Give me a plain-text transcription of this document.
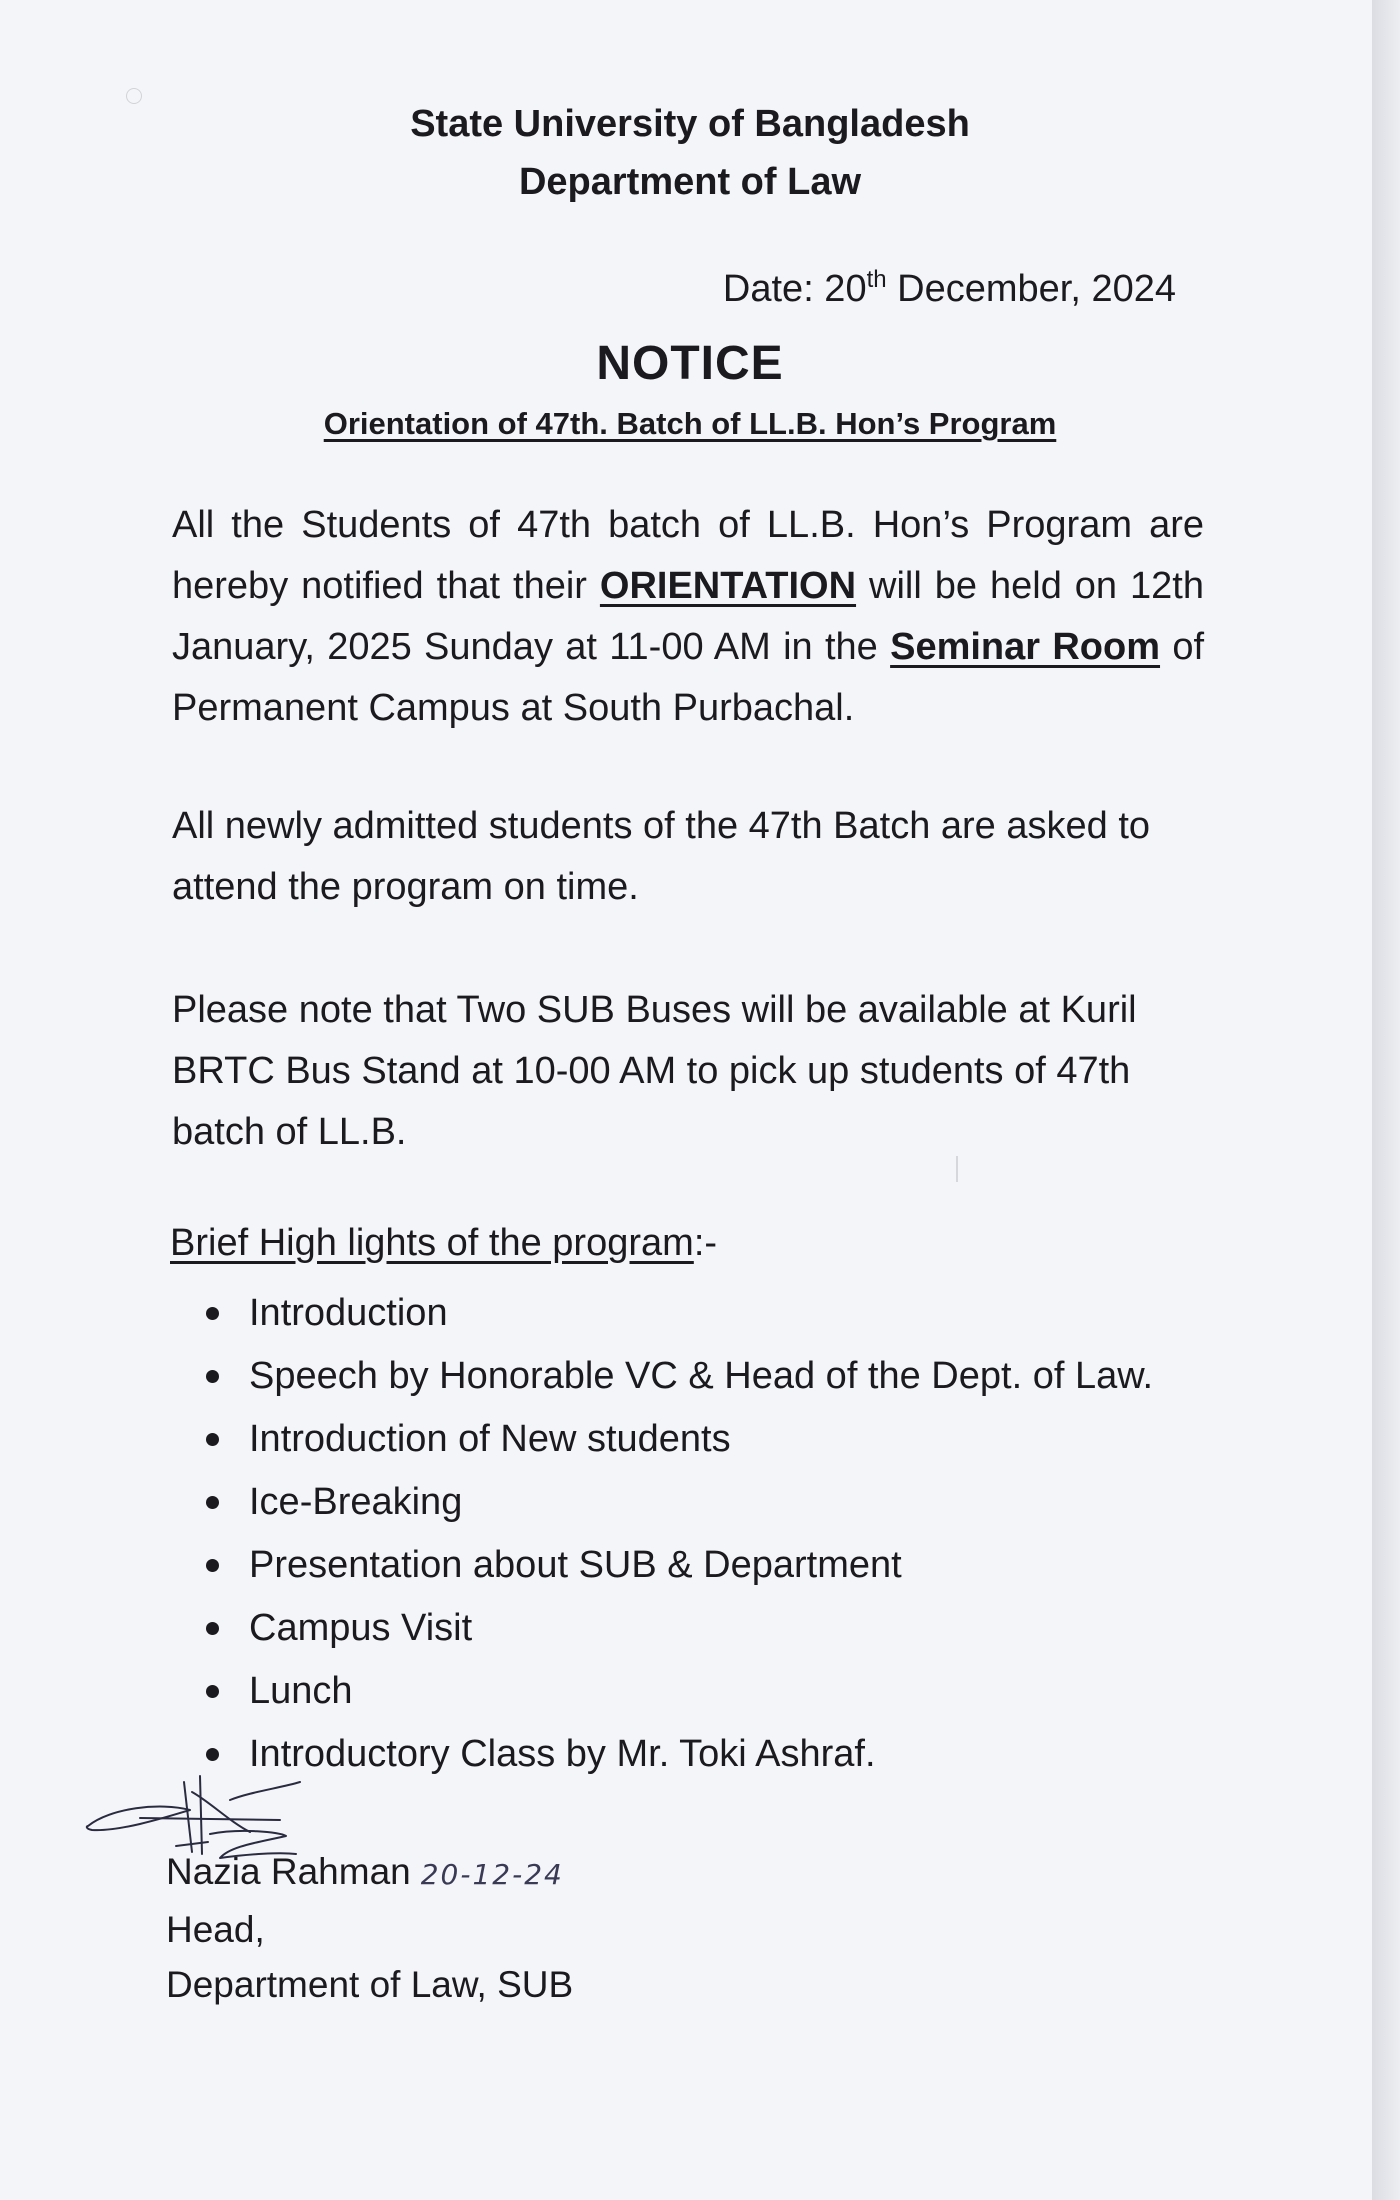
State University of Bangladesh
Department of Law
Date: 20th December, 2024
NOTICE
Orientation of 47th. Batch of LL.B. Hon’s Program
All the Students of 47th batch of LL.B. Hon’s Program are hereby notified that their ORIENTATION will be held on 12th January, 2025 Sunday at 11-00 AM in the Seminar Room of Permanent Campus at South Purbachal.
All newly admitted students of the 47th Batch are asked to attend the program on time.
Please note that Two SUB Buses will be available at Kuril BRTC Bus Stand at 10-00 AM to pick up students of 47th batch of LL.B.
Brief High lights of the program:-
Introduction
Speech by Honorable VC & Head of the Dept. of Law.
Introduction of New students
Ice-Breaking
Presentation about SUB & Department
Campus Visit
Lunch
Introductory Class by Mr. Toki Ashraf.
Nazia Rahman 20-12-24
Head,
Department of Law, SUB
